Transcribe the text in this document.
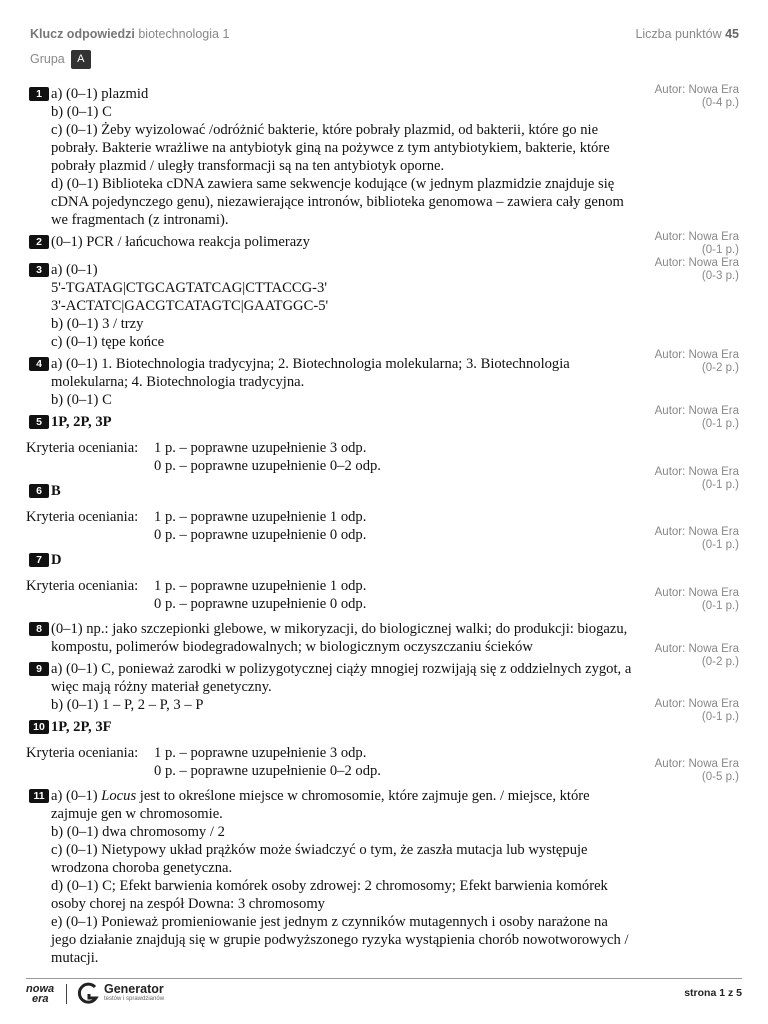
Klucz odpowiedzi biotechnologia 1	Liczba punktów 45
Grupa A
1 a) (0–1) plazmid
b) (0–1) C
c) (0–1) Żeby wyizolować /odróżnić bakterie, które pobrały plazmid, od bakterii, które go nie pobrały. Bakterie wrażliwe na antybiotyk giną na pożywce z tym antybiotykiem, bakterie, które pobrały plazmid / uległy transformacji są na ten antybiotyk oporne.
d) (0–1) Biblioteka cDNA zawiera same sekwencje kodujące (w jednym plazmidzie znajduje się cDNA pojedynczego genu), niezawierające intronów, biblioteka genomowa – zawiera cały genom we fragmentach (z intronami).
2 (0–1) PCR / łańcuchowa reakcja polimerazy
3 a) (0–1)
5'-TGATAG|CTGCAGTATCAG|CTTACCG-3'
3'-ACTATC|GACGTCATAGTC|GAATGGC-5'
b) (0–1) 3 / trzy
c) (0–1) tępe końce
4 a) (0–1) 1. Biotechnologia tradycyjna; 2. Biotechnologia molekularna; 3. Biotechnologia molekularna; 4. Biotechnologia tradycyjna.
b) (0–1) C
5 1P, 2P, 3P
Kryteria oceniania:	1 p. – poprawne uzupełnienie 3 odp.
0 p. – poprawne uzupełnienie 0–2 odp.
6 B
Kryteria oceniania:	1 p. – poprawne uzupełnienie 1 odp.
0 p. – poprawne uzupełnienie 0 odp.
7 D
Kryteria oceniania:	1 p. – poprawne uzupełnienie 1 odp.
0 p. – poprawne uzupełnienie 0 odp.
8 (0–1) np.: jako szczepionki glebowe, w mikoryzacji, do biologicznej walki; do produkcji: biogazu, kompostu, polimerów biodegradowalnych; w biologicznym oczyszczaniu ścieków
9 a) (0–1) C, ponieważ zarodki w polizygotycznej ciąży mnogiej rozwijają się z oddzielnych zygot, a więc mają różny materiał genetyczny.
b) (0–1) 1 – P, 2 – P, 3 – P
10 1P, 2P, 3F
Kryteria oceniania:	1 p. – poprawne uzupełnienie 3 odp.
0 p. – poprawne uzupełnienie 0–2 odp.
11 a) (0–1) Locus jest to określone miejsce w chromosomie, które zajmuje gen. / miejsce, które zajmuje gen w chromosomie.
b) (0–1) dwa chromosomy / 2
c) (0–1) Nietypowy układ prążków może świadczyć o tym, że zaszła mutacja lub występuje wrodzona choroba genetyczna.
d) (0–1) C; Efekt barwienia komórek osoby zdrowej: 2 chromosomy; Efekt barwienia komórek osoby chorej na zespół Downa: 3 chromosomy
e) (0–1) Ponieważ promieniowanie jest jednym z czynników mutagennych i osoby narażone na jego działanie znajdują się w grupie podwyższonego ryzyka wystąpienia chorób nowotworowych / mutacji.
Autor: Nowa Era
(0-4 p.)
Autor: Nowa Era
(0-1 p.)
Autor: Nowa Era
(0-3 p.)
Autor: Nowa Era
(0-2 p.)
Autor: Nowa Era
(0-1 p.)
Autor: Nowa Era
(0-1 p.)
Autor: Nowa Era
(0-1 p.)
Autor: Nowa Era
(0-1 p.)
Autor: Nowa Era
(0-2 p.)
Autor: Nowa Era
(0-1 p.)
Autor: Nowa Era
(0-5 p.)
nowa
era
Generator
testów i sprawdzianów	strona 1 z 5
